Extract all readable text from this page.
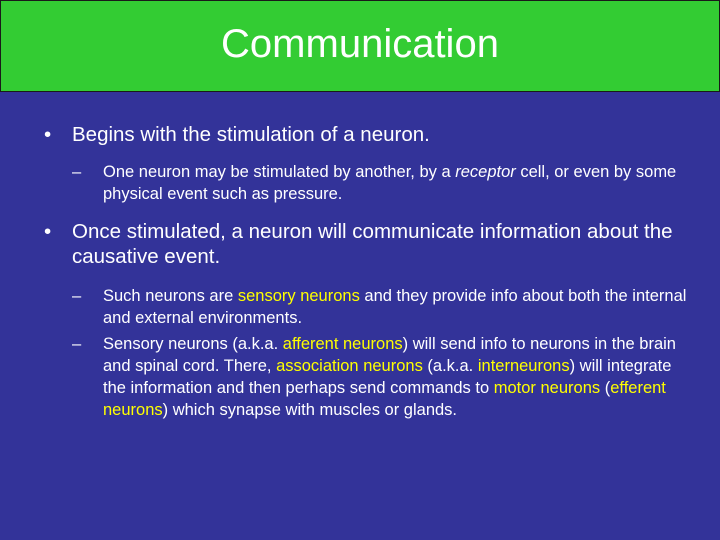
Communication
• Begins with the stimulation of a neuron.
– One neuron may be stimulated by another, by a receptor cell, or even by some physical event such as pressure.
• Once stimulated, a neuron will communicate information about the causative event.
– Such neurons are sensory neurons and they provide info about both the internal and external environments.
– Sensory neurons (a.k.a. afferent neurons) will send info to neurons in the brain and spinal cord. There, association neurons (a.k.a. interneurons) will integrate the information and then perhaps send commands to motor neurons (efferent neurons) which synapse with muscles or glands.
